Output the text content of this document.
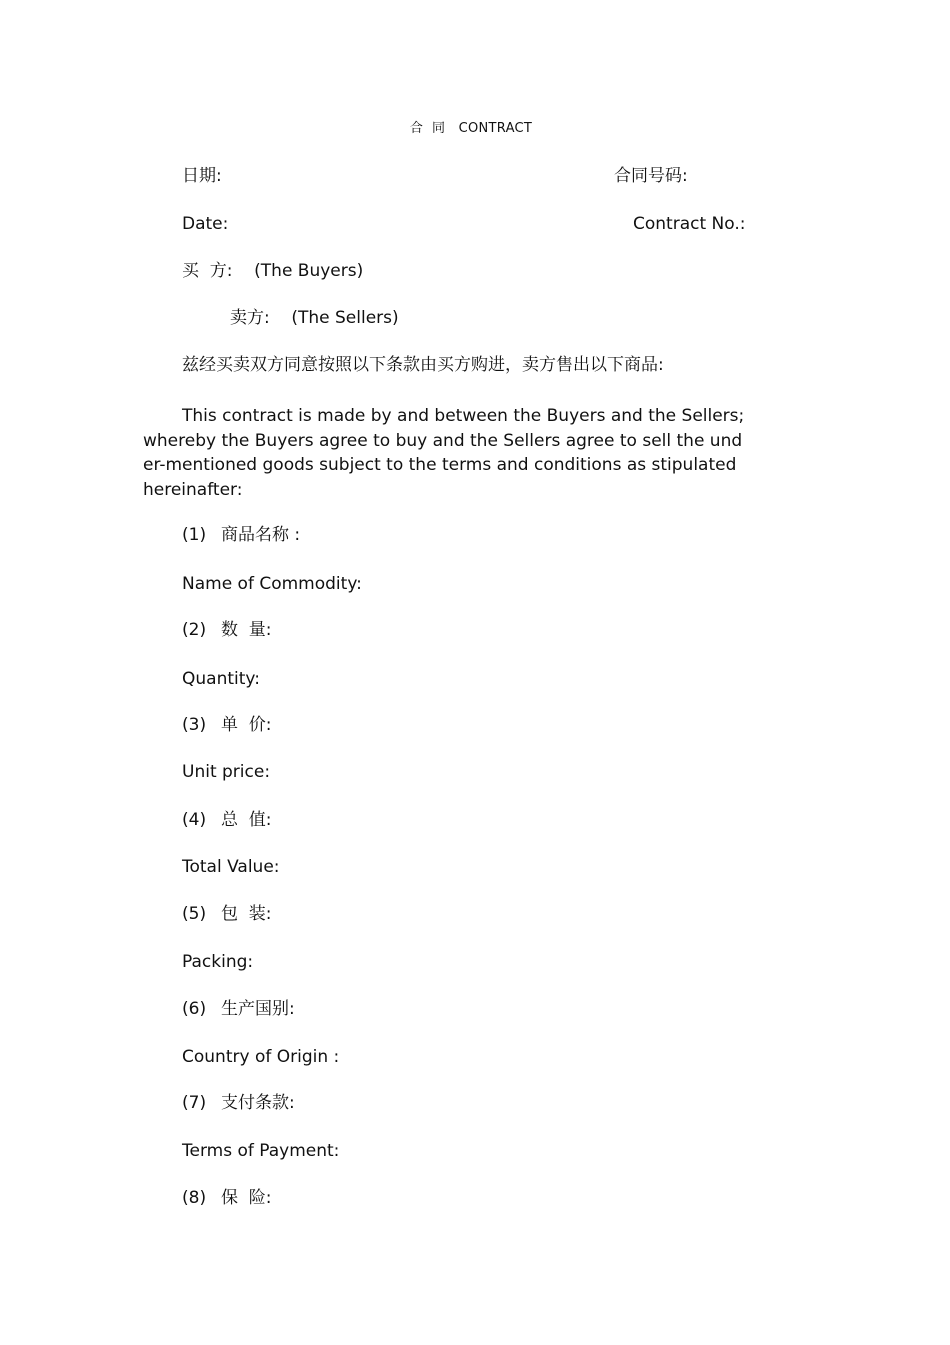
合  同   CONTRACT
日期:	合同号码:
Date:	Contract No.:
买  方:    (The Buyers)
卖方:    (The Sellers)
兹经买卖双方同意按照以下条款由买方购进，卖方售出以下商品:
This contract is made by and between the Buyers and the Sellers;
whereby the Buyers agree to buy and the Sellers agree to sell the und
er-mentioned goods subject to the terms and conditions as stipulated
hereinafter:
(1) 商品名称 :
Name of Commodity:
(2) 数  量:
Quantity:
(3) 单  价:
Unit price:
(4) 总  值:
Total Value:
(5) 包  装:
Packing:
(6) 生产国别:
Country of Origin :
(7) 支付条款:
Terms of Payment:
(8) 保  险:
